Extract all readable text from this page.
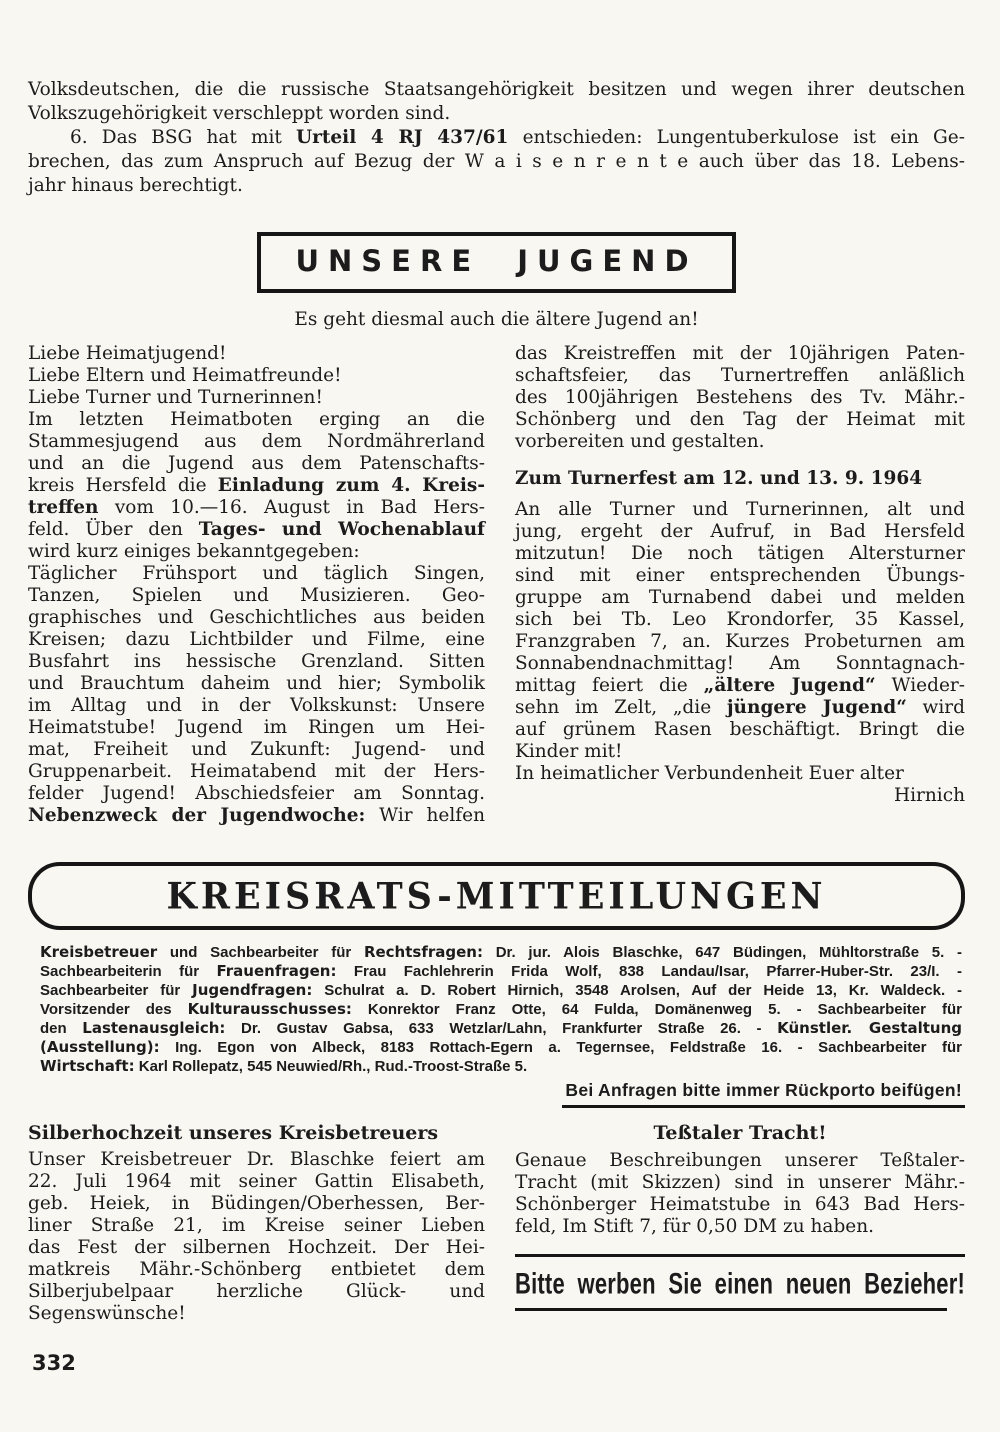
Volksdeutschen, die die russische Staatsangehörigkeit besitzen und wegen ihrer deutschen
Volkszugehörigkeit verschleppt worden sind.
6. Das BSG hat mit Urteil 4 RJ 437/61 entschieden: Lungentuberkulose ist ein Ge-
brechen, das zum Anspruch auf Bezug der W a i s e n r e n t e auch über das 18. Lebens-
jahr hinaus berechtigt.
UNSERE JUGEND
Es geht diesmal auch die ältere Jugend an!
Liebe Heimatjugend!
Liebe Eltern und Heimatfreunde!
Liebe Turner und Turnerinnen!
Im letzten Heimatboten erging an die
Stammesjugend aus dem Nordmährerland
und an die Jugend aus dem Patenschafts-
kreis Hersfeld die Einladung zum 4. Kreis-
treffen vom 10.—16. August in Bad Hers-
feld. Über den Tages- und Wochenablauf
wird kurz einiges bekanntgegeben:
Täglicher Frühsport und täglich Singen,
Tanzen, Spielen und Musizieren. Geo-
graphisches und Geschichtliches aus beiden
Kreisen; dazu Lichtbilder und Filme, eine
Busfahrt ins hessische Grenzland. Sitten
und Brauchtum daheim und hier; Symbolik
im Alltag und in der Volkskunst: Unsere
Heimatstube! Jugend im Ringen um Hei-
mat, Freiheit und Zukunft: Jugend- und
Gruppenarbeit. Heimatabend mit der Hers-
felder Jugend! Abschiedsfeier am Sonntag.
Nebenzweck der Jugendwoche: Wir helfen
das Kreistreffen mit der 10jährigen Paten-
schaftsfeier, das Turnertreffen anläßlich
des 100jährigen Bestehens des Tv. Mähr.-
Schönberg und den Tag der Heimat mit
vorbereiten und gestalten.
Zum Turnerfest am 12. und 13. 9. 1964
An alle Turner und Turnerinnen, alt und
jung, ergeht der Aufruf, in Bad Hersfeld
mitzutun! Die noch tätigen Altersturner
sind mit einer entsprechenden Übungs-
gruppe am Turnabend dabei und melden
sich bei Tb. Leo Krondorfer, 35 Kassel,
Franzgraben 7, an. Kurzes Probeturnen am
Sonnabendnachmittag! Am Sonntagnach-
mittag feiert die „ältere Jugend“ Wieder-
sehn im Zelt, „die jüngere Jugend“ wird
auf grünem Rasen beschäftigt. Bringt die
Kinder mit!
In heimatlicher Verbundenheit Euer alter
Hirnich
KREISRATS-MITTEILUNGEN
Kreisbetreuer und Sachbearbeiter für Rechtsfragen: Dr. jur. Alois Blaschke, 647 Büdingen, Mühltorstraße 5. -
Sachbearbeiterin für Frauenfragen: Frau Fachlehrerin Frida Wolf, 838 Landau/Isar, Pfarrer-Huber-Str. 23/I. -
Sachbearbeiter für Jugendfragen: Schulrat a. D. Robert Hirnich, 3548 Arolsen, Auf der Heide 13, Kr. Waldeck. -
Vorsitzender des Kulturausschusses: Konrektor Franz Otte, 64 Fulda, Domänenweg 5. - Sachbearbeiter für
den Lastenausgleich: Dr. Gustav Gabsa, 633 Wetzlar/Lahn, Frankfurter Straße 26. - Künstler. Gestaltung
(Ausstellung): Ing. Egon von Albeck, 8183 Rottach-Egern a. Tegernsee, Feldstraße 16. - Sachbearbeiter für
Wirtschaft: Karl Rollepatz, 545 Neuwied/Rh., Rud.-Troost-Straße 5.
Bei Anfragen bitte immer Rückporto beifügen!
Silberhochzeit unseres Kreisbetreuers
Unser Kreisbetreuer Dr. Blaschke feiert am
22. Juli 1964 mit seiner Gattin Elisabeth,
geb. Heiek, in Büdingen/Oberhessen, Ber-
liner Straße 21, im Kreise seiner Lieben
das Fest der silbernen Hochzeit. Der Hei-
matkreis Mähr.-Schönberg entbietet dem
Silberjubelpaar herzliche Glück- und
Segenswünsche!
Teßtaler Tracht!
Genaue Beschreibungen unserer Teßtaler-
Tracht (mit Skizzen) sind in unserer Mähr.-
Schönberger Heimatstube in 643 Bad Hers-
feld, Im Stift 7, für 0,50 DM zu haben.
Bitte werben Sie einen neuen Bezieher!
332
